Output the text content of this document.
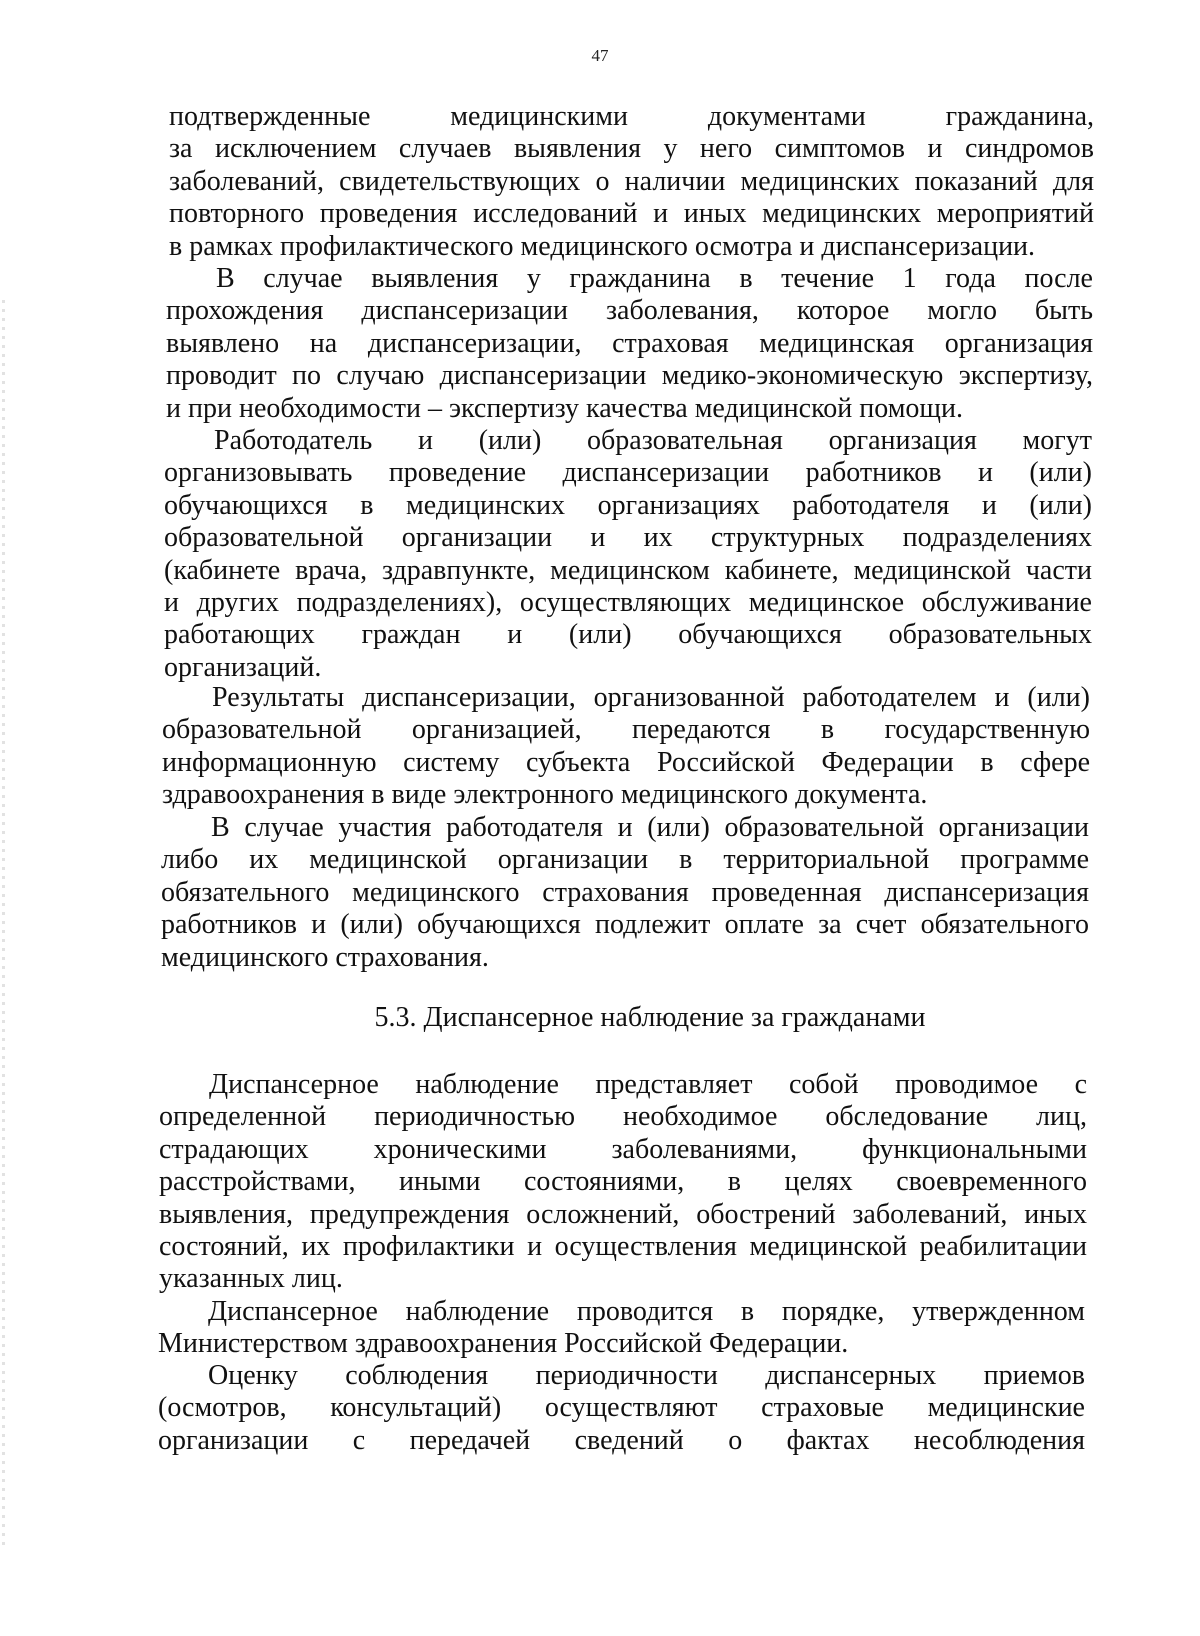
47
подтвержденные медицинскими документами гражданина,
за исключением случаев выявления у него симптомов и синдромов
заболеваний, свидетельствующих о наличии медицинских показаний для
повторного проведения исследований и иных медицинских мероприятий
в рамках профилактического медицинского осмотра и диспансеризации.
В случае выявления у гражданина в течение 1 года после
прохождения диспансеризации заболевания, которое могло быть
выявлено на диспансеризации, страховая медицинская организация
проводит по случаю диспансеризации медико-экономическую экспертизу,
и при необходимости – экспертизу качества медицинской помощи.
Работодатель и (или) образовательная организация могут
организовывать проведение диспансеризации работников и (или)
обучающихся в медицинских организациях работодателя и (или)
образовательной организации и их структурных подразделениях
(кабинете врача, здравпункте, медицинском кабинете, медицинской части
и других подразделениях), осуществляющих медицинское обслуживание
работающих граждан и (или) обучающихся образовательных
организаций.
Результаты диспансеризации, организованной работодателем и (или)
образовательной организацией, передаются в государственную
информационную систему субъекта Российской Федерации в сфере
здравоохранения в виде электронного медицинского документа.
В случае участия работодателя и (или) образовательной организации
либо их медицинской организации в территориальной программе
обязательного медицинского страхования проведенная диспансеризация
работников и (или) обучающихся подлежит оплате за счет обязательного
медицинского страхования.
5.3. Диспансерное наблюдение за гражданами
Диспансерное наблюдение представляет собой проводимое с
определенной периодичностью необходимое обследование лиц,
страдающих хроническими заболеваниями, функциональными
расстройствами, иными состояниями, в целях своевременного
выявления, предупреждения осложнений, обострений заболеваний, иных
состояний, их профилактики и осуществления медицинской реабилитации
указанных лиц.
Диспансерное наблюдение проводится в порядке, утвержденном
Министерством здравоохранения Российской Федерации.
Оценку соблюдения периодичности диспансерных приемов
(осмотров, консультаций) осуществляют страховые медицинские
организации с передачей сведений о фактах несоблюдения
